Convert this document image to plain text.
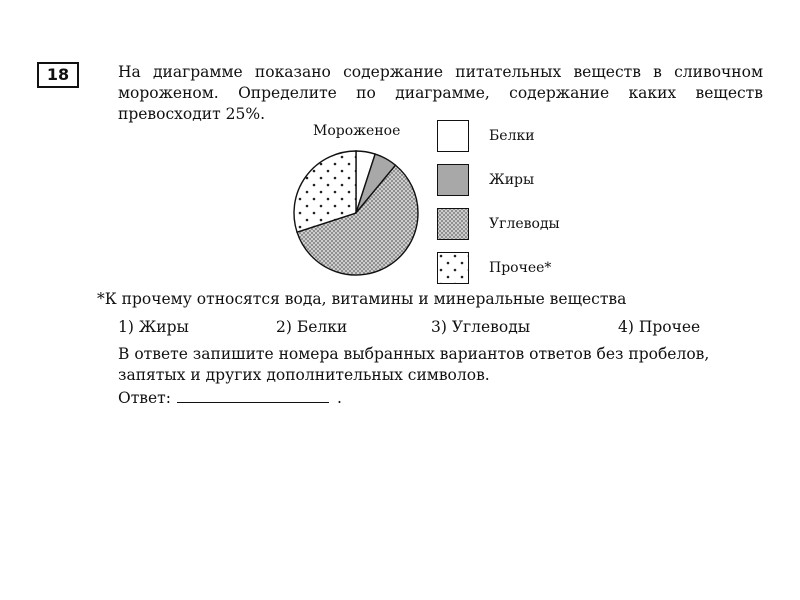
18	На диаграмме показано содержание питательных веществ в сливочном мороженом. Определите по диаграмме, содержание каких веществ превосходит 25%.

Мороженое	Белки
Жиры
Углеводы
Прочее*
*К прочему относятся вода, витамины и минеральные вещества
1) Жиры	2) Белки	3) Углеводы	4) Прочее

В ответе запишите номера выбранных вариантов ответов без пробелов, запятых и других дополнительных символов.

Ответ:	.
